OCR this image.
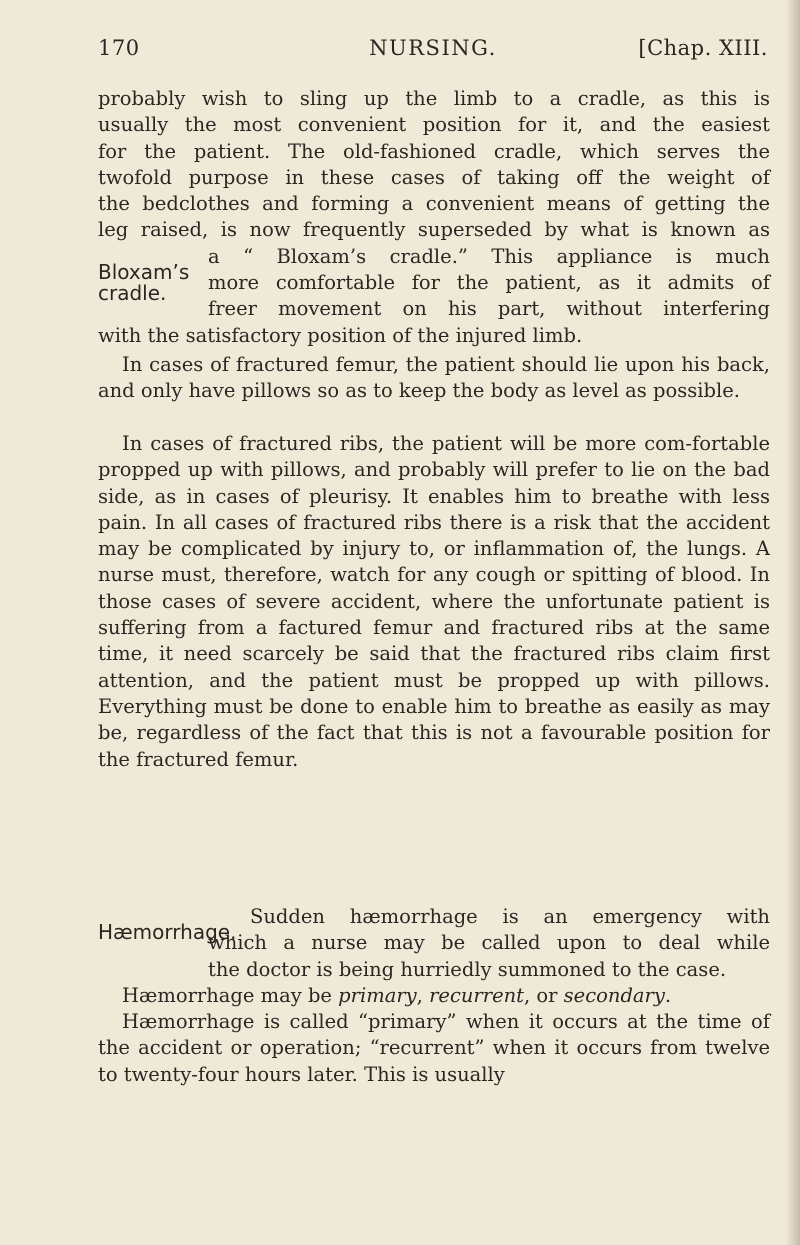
NURSING.
170	[Chap. XIII.
probably wish to sling up the limb to a cradle, as this is
usually the most convenient position for it, and the easiest
for the patient. The old-fashioned cradle, which serves the
twofold purpose in these cases of taking off the weight of
the bedclothes and forming a convenient means of getting the
leg raised, is now frequently superseded by what is known as
a “ Bloxam’s cradle.” This appliance is much
more comfortable for the patient, as it admits of
freer movement on his part, without interfering
with the satisfactory position of the injured limb.
Bloxam’s cradle.

In cases of fractured femur, the patient should lie upon his back, and only have pillows so as to keep the body as level as possible.

In cases of fractured ribs, the patient will be more com-fortable propped up with pillows, and probably will prefer to lie on the bad side, as in cases of pleurisy. It enables him to breathe with less pain. In all cases of fractured ribs there is a risk that the accident may be complicated by injury to, or inflammation of, the lungs. A nurse must, therefore, watch for any cough or spitting of blood. In those cases of severe accident, where the unfortunate patient is suffering from a factured femur and fractured ribs at the same time, it need scarcely be said that the fractured ribs claim first attention, and the patient must be propped up with pillows. Everything must be done to enable him to breathe as easily as may be, regardless of the fact that this is not a favourable position for the fractured femur.

Sudden hæmorrhage is an emergency with
which a nurse may be called upon to deal while
the doctor is being hurriedly summoned to the case.
Hæmorrhage.

Hæmorrhage may be primary, recurrent, or secondary.

Hæmorrhage is called “primary” when it occurs at the time of the accident or operation; “recurrent” when it occurs from twelve to twenty-four hours later. This is usually
